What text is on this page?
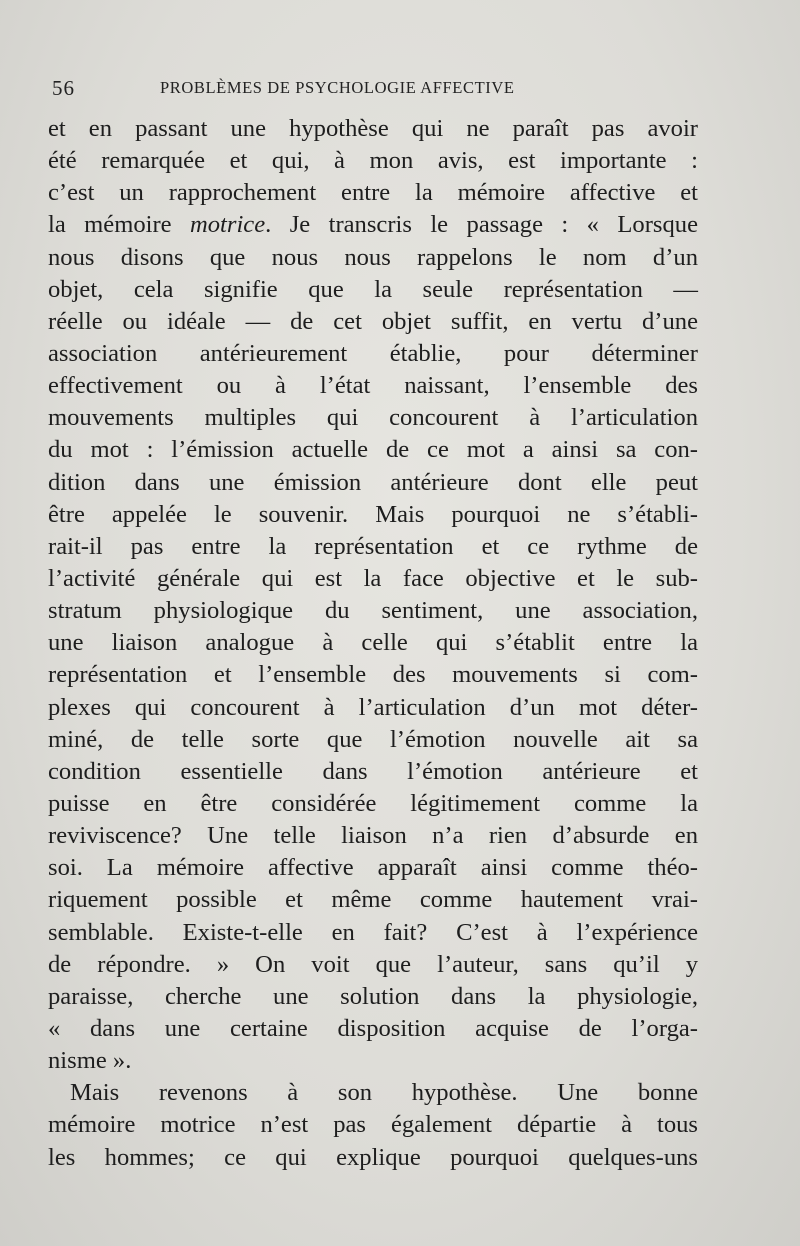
56	PROBLÈMES DE PSYCHOLOGIE AFFECTIVE
et en passant une hypothèse qui ne paraît pas avoir
été remarquée et qui, à mon avis, est importante :
c’est un rapprochement entre la mémoire affective et
la mémoire motrice. Je transcris le passage : « Lorsque
nous disons que nous nous rappelons le nom d’un
objet, cela signifie que la seule représentation —
réelle ou idéale — de cet objet suffit, en vertu d’une
association antérieurement établie, pour déterminer
effectivement ou à l’état naissant, l’ensemble des
mouvements multiples qui concourent à l’articulation
du mot : l’émission actuelle de ce mot a ainsi sa con-
dition dans une émission antérieure dont elle peut
être appelée le souvenir. Mais pourquoi ne s’établi-
rait-il pas entre la représentation et ce rythme de
l’activité générale qui est la face objective et le sub-
stratum physiologique du sentiment, une association,
une liaison analogue à celle qui s’établit entre la
représentation et l’ensemble des mouvements si com-
plexes qui concourent à l’articulation d’un mot déter-
miné, de telle sorte que l’émotion nouvelle ait sa
condition essentielle dans l’émotion antérieure et
puisse en être considérée légitimement comme la
reviviscence? Une telle liaison n’a rien d’absurde en
soi. La mémoire affective apparaît ainsi comme théo-
riquement possible et même comme hautement vrai-
semblable. Existe-t-elle en fait? C’est à l’expérience
de répondre. » On voit que l’auteur, sans qu’il y
paraisse, cherche une solution dans la physiologie,
« dans une certaine disposition acquise de l’orga-
nisme ».
Mais revenons à son hypothèse. Une bonne
mémoire motrice n’est pas également départie à tous
les hommes; ce qui explique pourquoi quelques-uns
